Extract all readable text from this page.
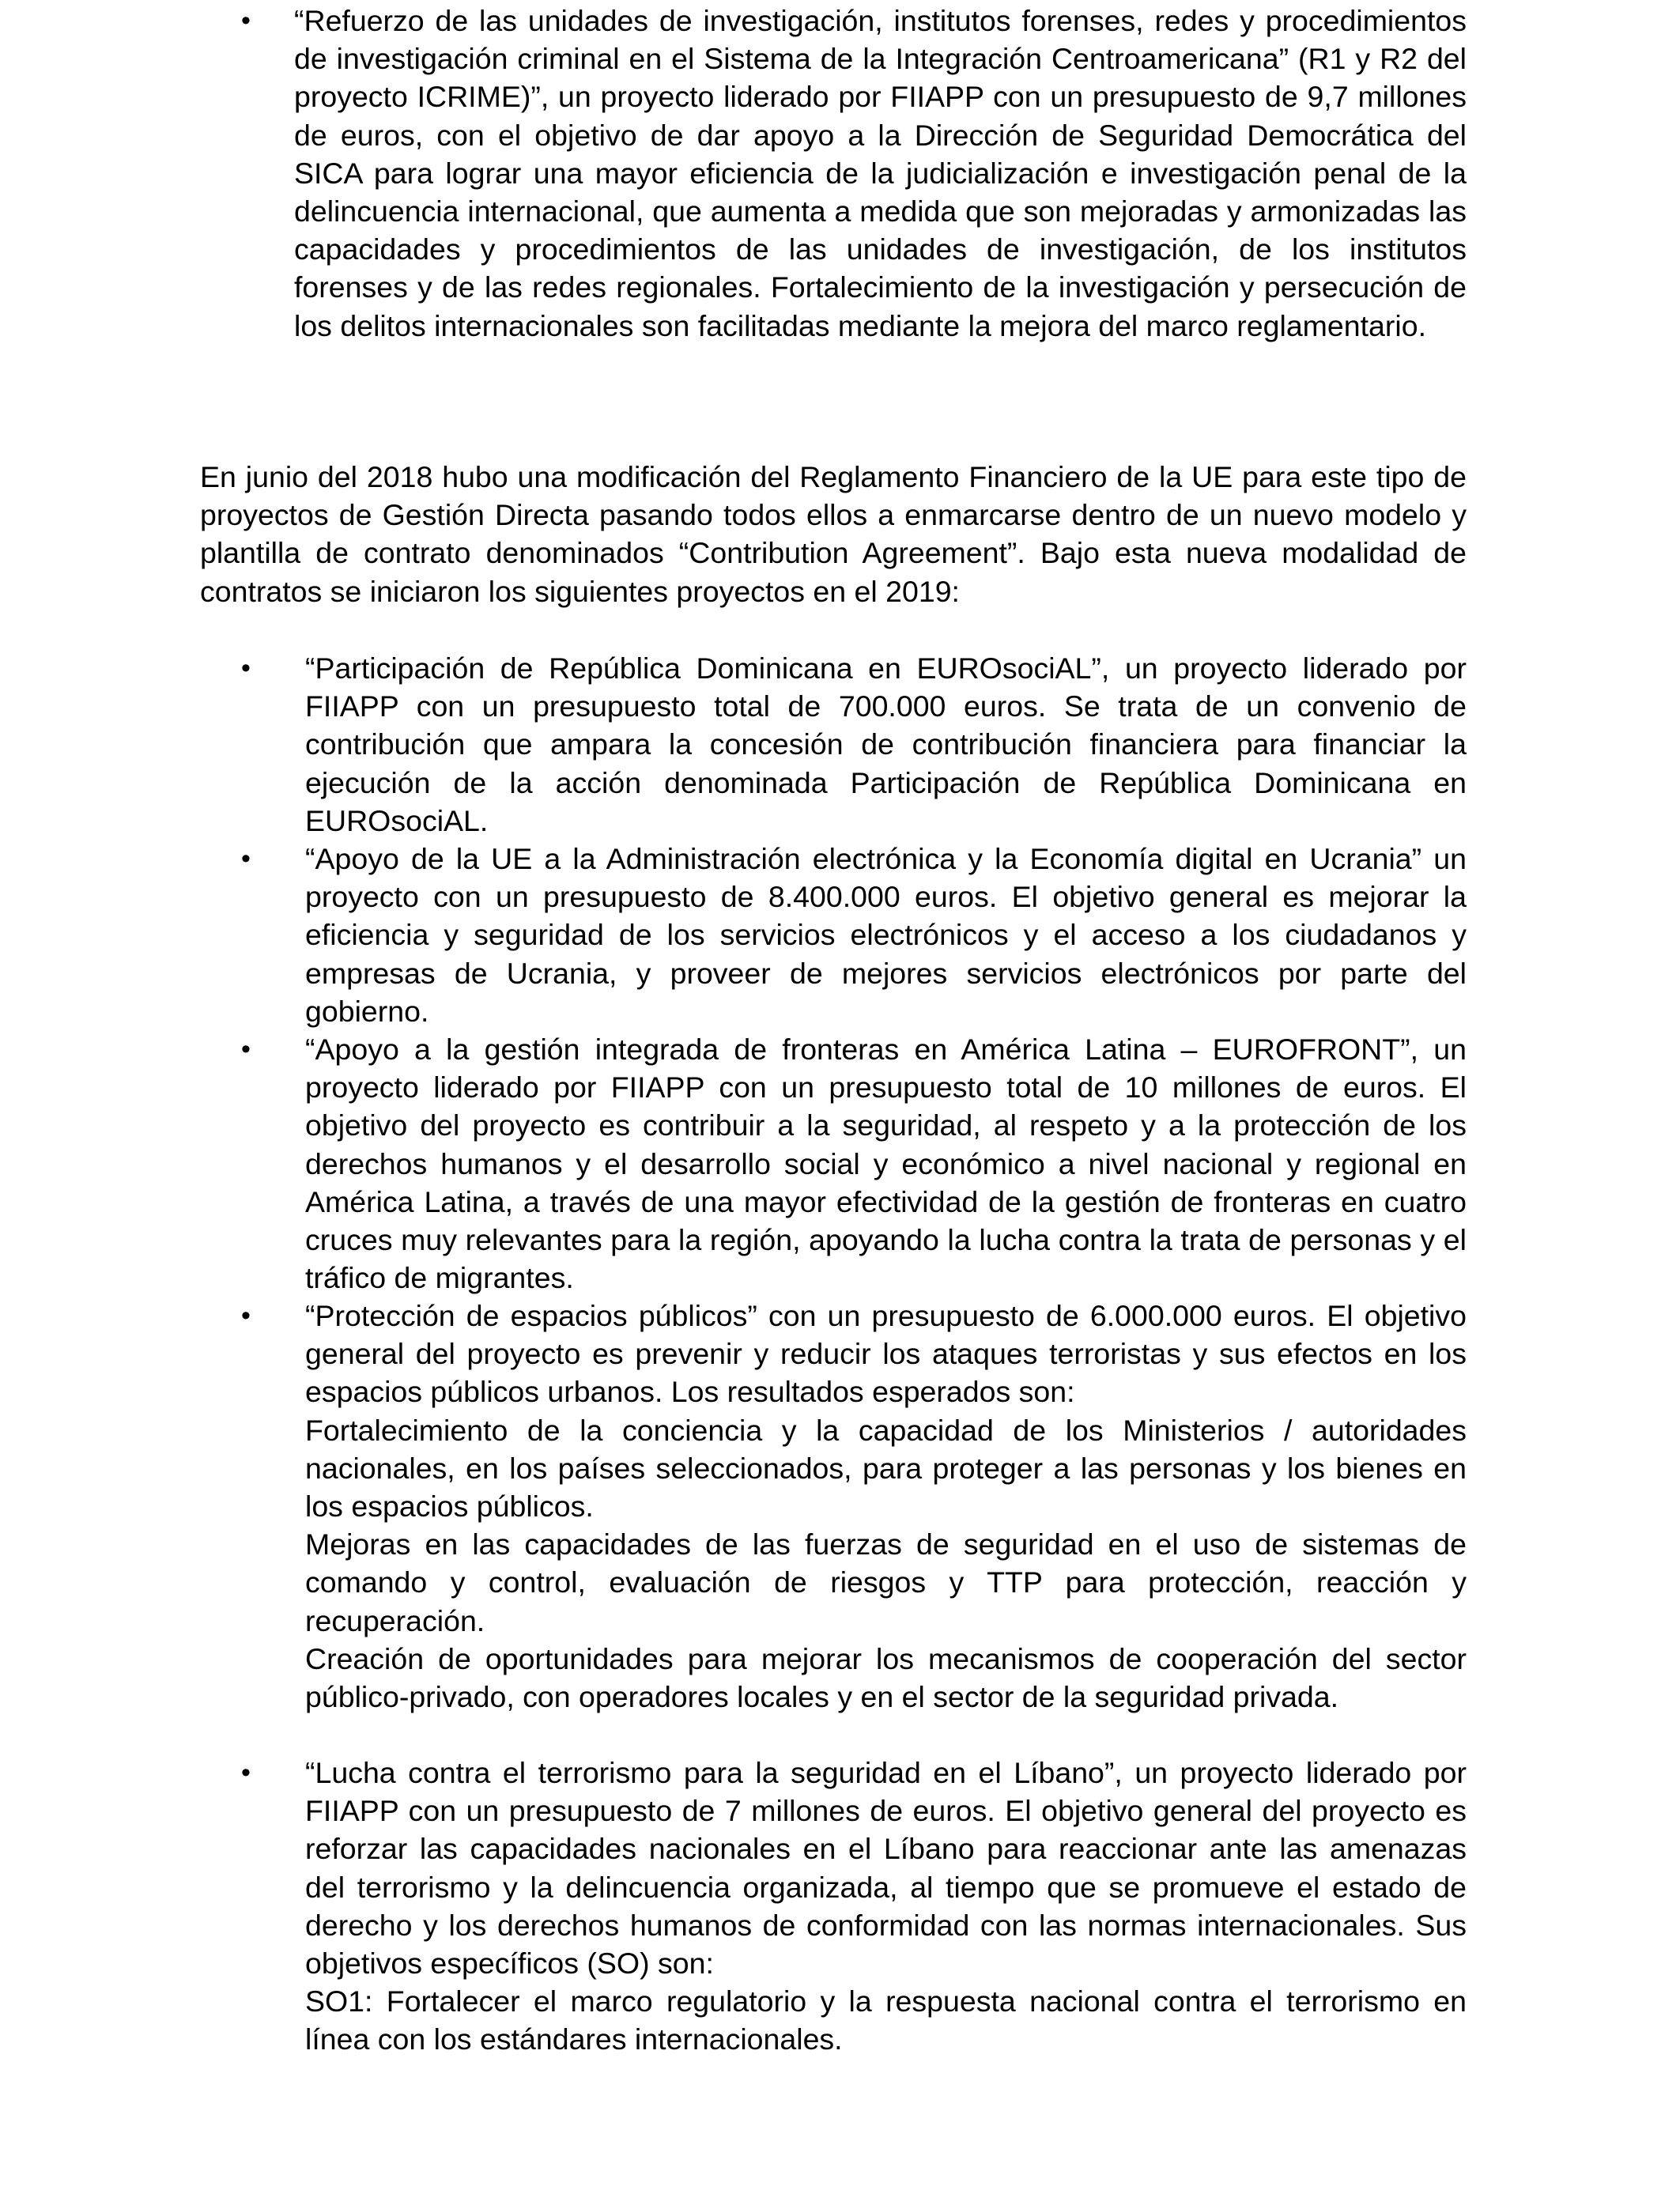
• “Refuerzo de las unidades de investigación, institutos forenses, redes y procedimientos de investigación criminal en el Sistema de la Integración Centroamericana” (R1 y R2 del proyecto ICRIME)”, un proyecto liderado por FIIAPP con un presupuesto de 9,7 millones de euros, con el objetivo de dar apoyo a la Dirección de Seguridad Democrática del SICA para lograr una mayor eficiencia de la judicialización e investigación penal de la delincuencia internacional, que aumenta a medida que son mejoradas y armonizadas las capacidades y procedimientos de las unidades de investigación, de los institutos forenses y de las redes regionales. Fortalecimiento de la investigación y persecución de los delitos internacionales son facilitadas mediante la mejora del marco reglamentario.

En junio del 2018 hubo una modificación del Reglamento Financiero de la UE para este tipo de proyectos de Gestión Directa pasando todos ellos a enmarcarse dentro de un nuevo modelo y plantilla de contrato denominados “Contribution Agreement”. Bajo esta nueva modalidad de contratos se iniciaron los siguientes proyectos en el 2019:

• “Participación de República Dominicana en EUROsociAL”, un proyecto liderado por FIIAPP con un presupuesto total de 700.000 euros. Se trata de un convenio de contribución que ampara la concesión de contribución financiera para financiar la ejecución de la acción denominada Participación de República Dominicana en EUROsociAL.

• “Apoyo de la UE a la Administración electrónica y la Economía digital en Ucrania” un proyecto con un presupuesto de 8.400.000 euros. El objetivo general es mejorar la eficiencia y seguridad de los servicios electrónicos y el acceso a los ciudadanos y empresas de Ucrania, y proveer de mejores servicios electrónicos por parte del gobierno.

• “Apoyo a la gestión integrada de fronteras en América Latina – EUROFRONT”, un proyecto liderado por FIIAPP con un presupuesto total de 10 millones de euros. El objetivo del proyecto es contribuir a la seguridad, al respeto y a la protección de los derechos humanos y el desarrollo social y económico a nivel nacional y regional en América Latina, a través de una mayor efectividad de la gestión de fronteras en cuatro cruces muy relevantes para la región, apoyando la lucha contra la trata de personas y el tráfico de migrantes.

• “Protección de espacios públicos” con un presupuesto de 6.000.000 euros. El objetivo general del proyecto es prevenir y reducir los ataques terroristas y sus efectos en los espacios públicos urbanos. Los resultados esperados son:

Fortalecimiento de la conciencia y la capacidad de los Ministerios / autoridades nacionales, en los países seleccionados, para proteger a las personas y los bienes en los espacios públicos.

Mejoras en las capacidades de las fuerzas de seguridad en el uso de sistemas de comando y control, evaluación de riesgos y TTP para protección, reacción y recuperación.

Creación de oportunidades para mejorar los mecanismos de cooperación del sector público-privado, con operadores locales y en el sector de la seguridad privada.

• “Lucha contra el terrorismo para la seguridad en el Líbano”, un proyecto liderado por FIIAPP con un presupuesto de 7 millones de euros. El objetivo general del proyecto es reforzar las capacidades nacionales en el Líbano para reaccionar ante las amenazas del terrorismo y la delincuencia organizada, al tiempo que se promueve el estado de derecho y los derechos humanos de conformidad con las normas internacionales. Sus objetivos específicos (SO) son:

SO1: Fortalecer el marco regulatorio y la respuesta nacional contra el terrorismo en línea con los estándares internacionales.
